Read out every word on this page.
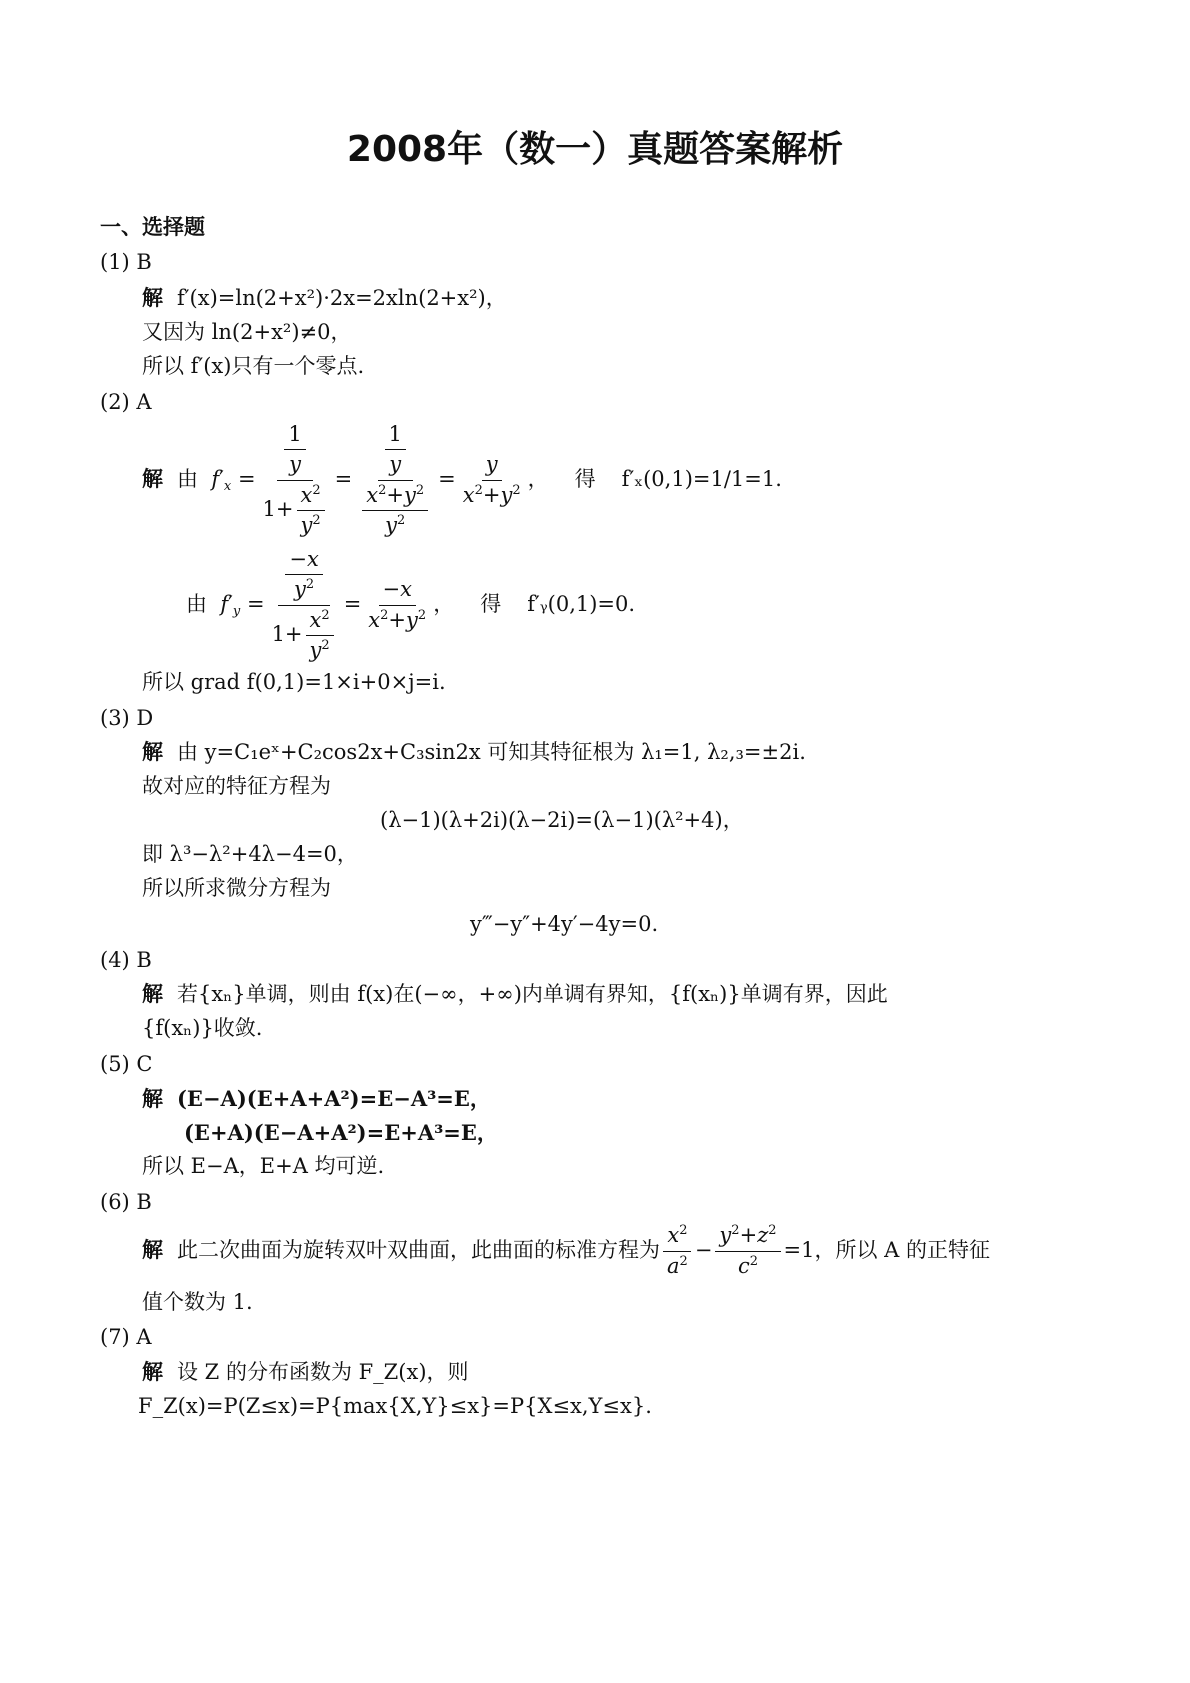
2008年（数一）真题答案解析
一、选择题
(1) B
解 f′(x)=ln(2+x²)·2x=2xln(2+x²)，
又因为 ln(2+x²)≠0，
所以 f′(x)只有一个零点.
(2) A
解 由
$f'_x = \frac{\frac{1}{y}}{1+ \frac{x^2}{y^2}} = \frac{\frac{1}{y}}{\frac{x^2+y^2}{y^2}} = \frac{y}{x^2+y^2}$ ， 得 f′ₓ(0,1)=1/1=1.
由
$f'_y = \frac{\frac{-x}{y^2}}{1+ \frac{x^2}{y^2}} = \frac{-x}{x^2+y^2}$ ， 得 f′ᵧ(0,1)=0.
所以 grad f(0,1)=1×i+0×j=i.
(3) D
解 由 y=C₁eˣ+C₂cos2x+C₃sin2x 可知其特征根为 λ₁=1, λ₂,₃=±2i.
故对应的特征方程为
(λ−1)(λ+2i)(λ−2i)=(λ−1)(λ²+4)，
即 λ³−λ²+4λ−4=0，
所以所求微分方程为
y‴−y″+4y′−4y=0.
(4) B
解 若{xₙ}单调，则由 f(x)在(−∞，+∞)内单调有界知，{f(xₙ)}单调有界，因此
{f(xₙ)}收敛.
(5) C
解 (E−A)(E+A+A²)=E−A³=E，
(E+A)(E−A+A²)=E+A³=E，
所以 E−A，E+A 均可逆.
(6) B
解 此二次曲面为旋转双叶双曲面，此曲面的标准方程为 $\frac{x^2}{a^2} - \frac{y^2+z^2}{c^2} =1$，所以 A 的正特征
值个数为 1.
(7) A
解 设 Z 的分布函数为 F_Z(x)，则
F_Z(x)=P(Z≤x)=P{max{X,Y}≤x}=P{X≤x,Y≤x}.
